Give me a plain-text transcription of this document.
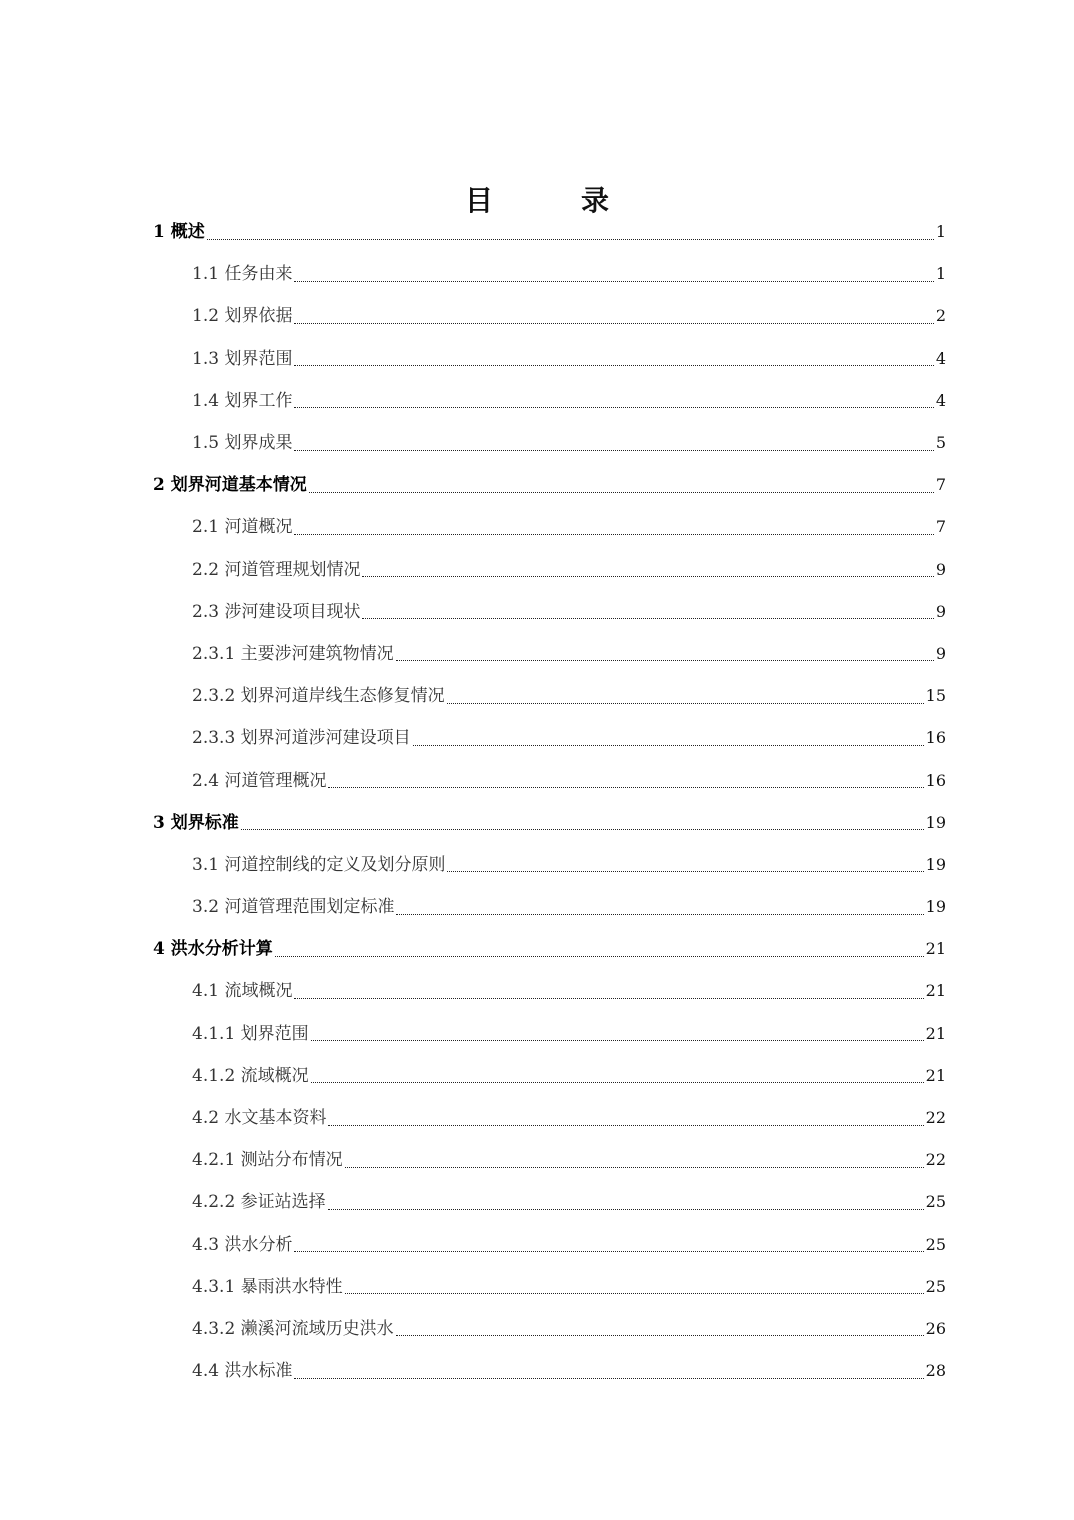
目　录
1 概述	1
1.1 任务由来	1
1.2 划界依据	2
1.3 划界范围	4
1.4 划界工作	4
1.5 划界成果	5
2 划界河道基本情况	7
2.1 河道概况	7
2.2 河道管理规划情况	9
2.3 涉河建设项目现状	9
2.3.1 主要涉河建筑物情况	9
2.3.2 划界河道岸线生态修复情况	15
2.3.3 划界河道涉河建设项目	16
2.4 河道管理概况	16
3 划界标准	19
3.1 河道控制线的定义及划分原则	19
3.2 河道管理范围划定标准	19
4 洪水分析计算	21
4.1 流域概况	21
4.1.1 划界范围	21
4.1.2 流域概况	21
4.2 水文基本资料	22
4.2.1 测站分布情况	22
4.2.2 参证站选择	25
4.3 洪水分析	25
4.3.1 暴雨洪水特性	25
4.3.2 濑溪河流域历史洪水	26
4.4 洪水标准	28
